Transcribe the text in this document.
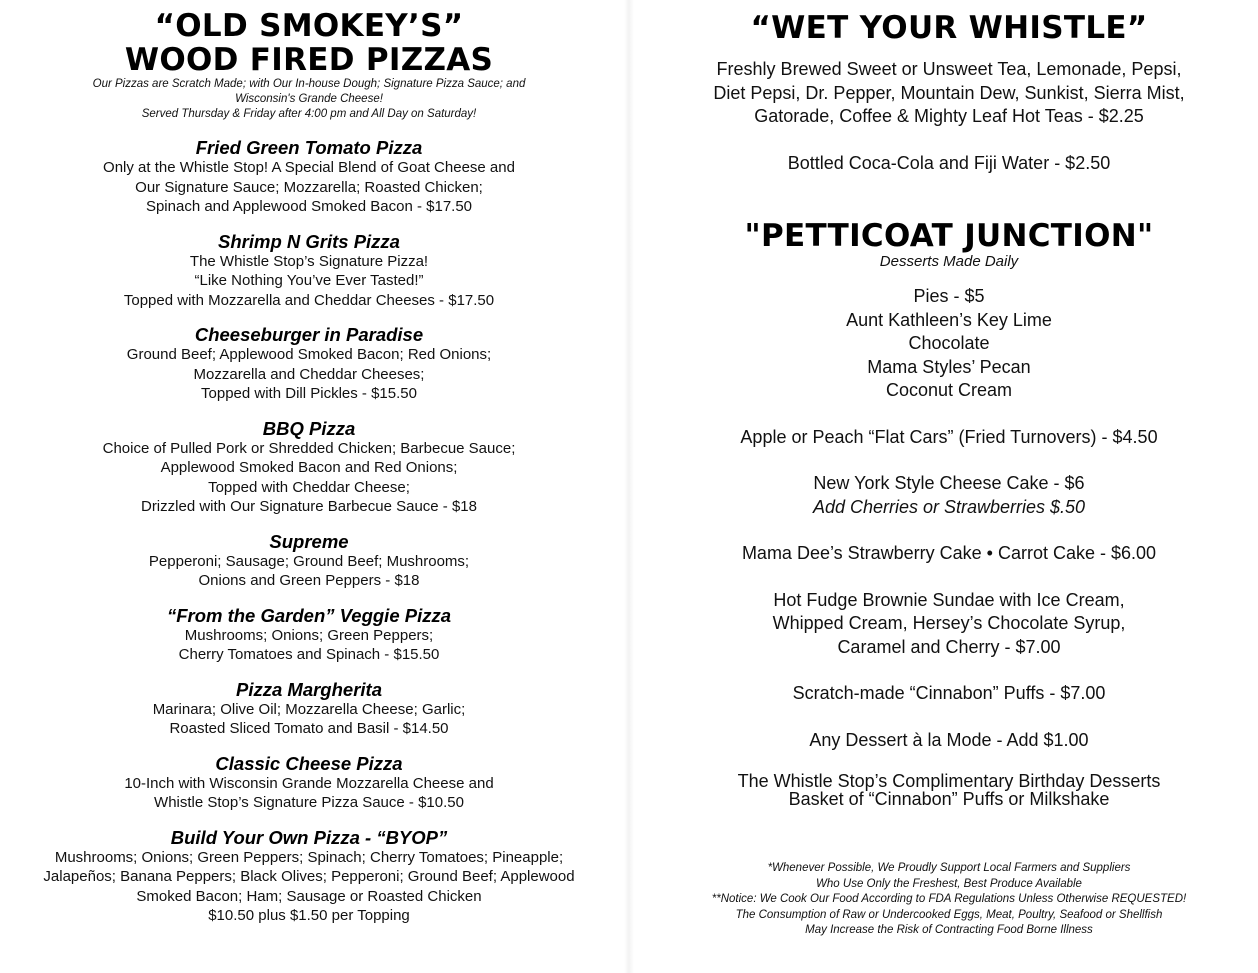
“OLD SMOKEY’S”
WOOD FIRED PIZZAS

Our Pizzas are Scratch Made; with Our In-house Dough; Signature Pizza Sauce; and

Wisconsin's Grande Cheese!

Served Thursday & Friday after 4:00 pm and All Day on Saturday!

Fried Green Tomato Pizza

Only at the Whistle Stop! A Special Blend of Goat Cheese and

Our Signature Sauce; Mozzarella; Roasted Chicken;

Spinach and Applewood Smoked Bacon - $17.50

Shrimp N Grits Pizza

The Whistle Stop’s Signature Pizza!

“Like Nothing You’ve Ever Tasted!”

Topped with Mozzarella and Cheddar Cheeses - $17.50

Cheeseburger in Paradise

Ground Beef; Applewood Smoked Bacon; Red Onions;

Mozzarella and Cheddar Cheeses;

Topped with Dill Pickles - $15.50

BBQ Pizza

Choice of Pulled Pork or Shredded Chicken; Barbecue Sauce;

Applewood Smoked Bacon and Red Onions;

Topped with Cheddar Cheese;

Drizzled with Our Signature Barbecue Sauce - $18

Supreme

Pepperoni; Sausage; Ground Beef; Mushrooms;

Onions and Green Peppers - $18

“From the Garden” Veggie Pizza

Mushrooms; Onions; Green Peppers;

Cherry Tomatoes and Spinach - $15.50

Pizza Margherita

Marinara; Olive Oil; Mozzarella Cheese; Garlic;

Roasted Sliced Tomato and Basil - $14.50

Classic Cheese Pizza

10-Inch with Wisconsin Grande Mozzarella Cheese and

Whistle Stop’s Signature Pizza Sauce - $10.50

Build Your Own Pizza - “BYOP”

Mushrooms; Onions; Green Peppers; Spinach; Cherry Tomatoes; Pineapple;

Jalapeños; Banana Peppers; Black Olives; Pepperoni; Ground Beef; Applewood

Smoked Bacon; Ham; Sausage or Roasted Chicken

$10.50 plus $1.50 per Topping

“WET YOUR WHISTLE”

Freshly Brewed Sweet or Unsweet Tea, Lemonade, Pepsi,

Diet Pepsi, Dr. Pepper, Mountain Dew, Sunkist, Sierra Mist,

Gatorade, Coffee & Mighty Leaf Hot Teas - $2.25

Bottled Coca-Cola and Fiji Water - $2.50

"PETTICOAT JUNCTION"

Desserts Made Daily

Pies - $5

Aunt Kathleen’s Key Lime

Chocolate

Mama Styles’ Pecan

Coconut Cream

Apple or Peach “Flat Cars” (Fried Turnovers) - $4.50

New York Style Cheese Cake - $6

Add Cherries or Strawberries $.50

Mama Dee’s Strawberry Cake • Carrot Cake - $6.00

Hot Fudge Brownie Sundae with Ice Cream,

Whipped Cream, Hersey’s Chocolate Syrup,

Caramel and Cherry - $7.00

Scratch-made “Cinnabon” Puffs - $7.00

Any Dessert à la Mode - Add $1.00

The Whistle Stop’s Complimentary Birthday Desserts

Basket of “Cinnabon” Puffs or Milkshake

*Whenever Possible, We Proudly Support Local Farmers and Suppliers

Who Use Only the Freshest, Best Produce Available

**Notice: We Cook Our Food According to FDA Regulations Unless Otherwise REQUESTED!

The Consumption of Raw or Undercooked Eggs, Meat, Poultry, Seafood or Shellfish

May Increase the Risk of Contracting Food Borne Illness
